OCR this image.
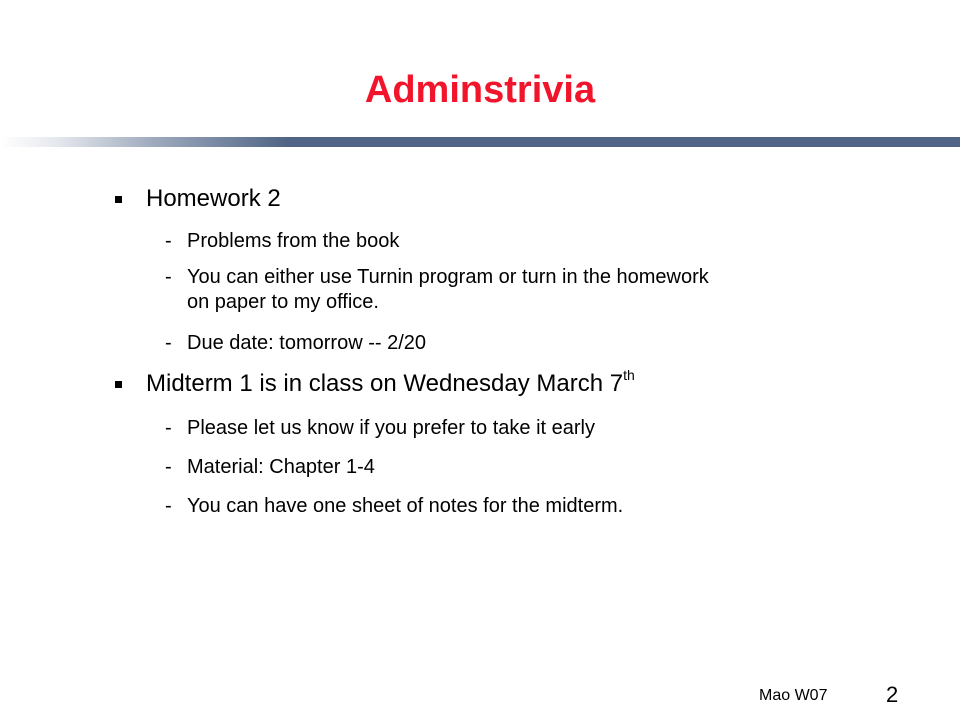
Adminstrivia
Homework 2
- Problems from the book
- You can either use Turnin program or turn in the homework
on paper to my office.
- Due date: tomorrow -- 2/20
Midterm 1 is in class on Wednesday March 7th
- Please let us know if you prefer to take it early
- Material: Chapter 1-4
- You can have one sheet of notes for the midterm.
Mao W07	2
